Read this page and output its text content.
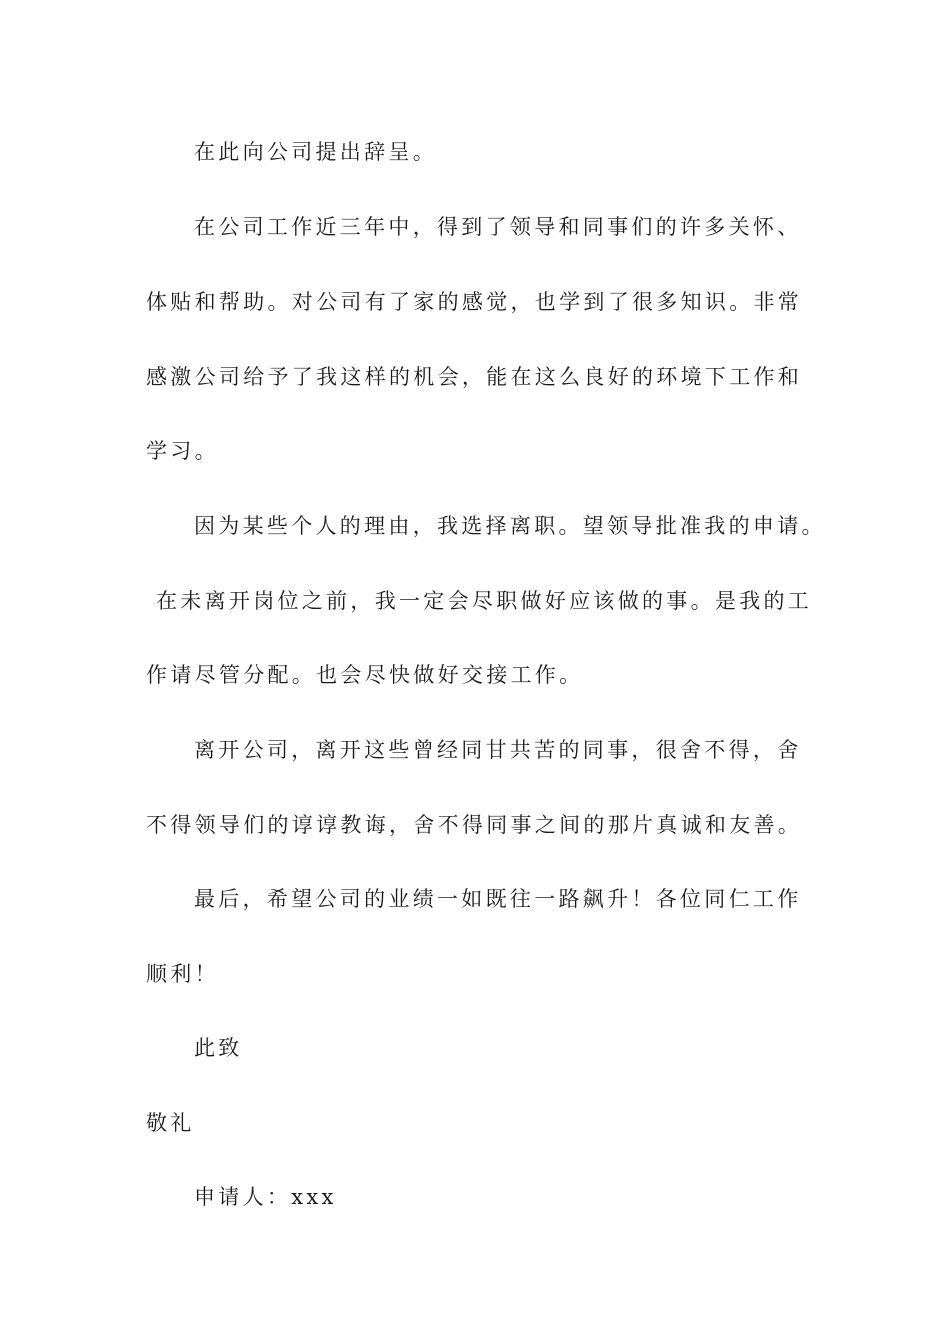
在此向公司提出辞呈。
在公司工作近三年中，得到了领导和同事们的许多关怀、
体贴和帮助。对公司有了家的感觉，也学到了很多知识。非常
感激公司给予了我这样的机会，能在这么良好的环境下工作和
学习。
因为某些个人的理由，我选择离职。望领导批准我的申请。
在未离开岗位之前，我一定会尽职做好应该做的事。是我的工
作请尽管分配。也会尽快做好交接工作。
离开公司，离开这些曾经同甘共苦的同事，很舍不得，舍
不得领导们的谆谆教诲，舍不得同事之间的那片真诚和友善。
最后，希望公司的业绩一如既往一路飙升！各位同仁工作
顺利！
此致
敬礼
申请人：xxx
